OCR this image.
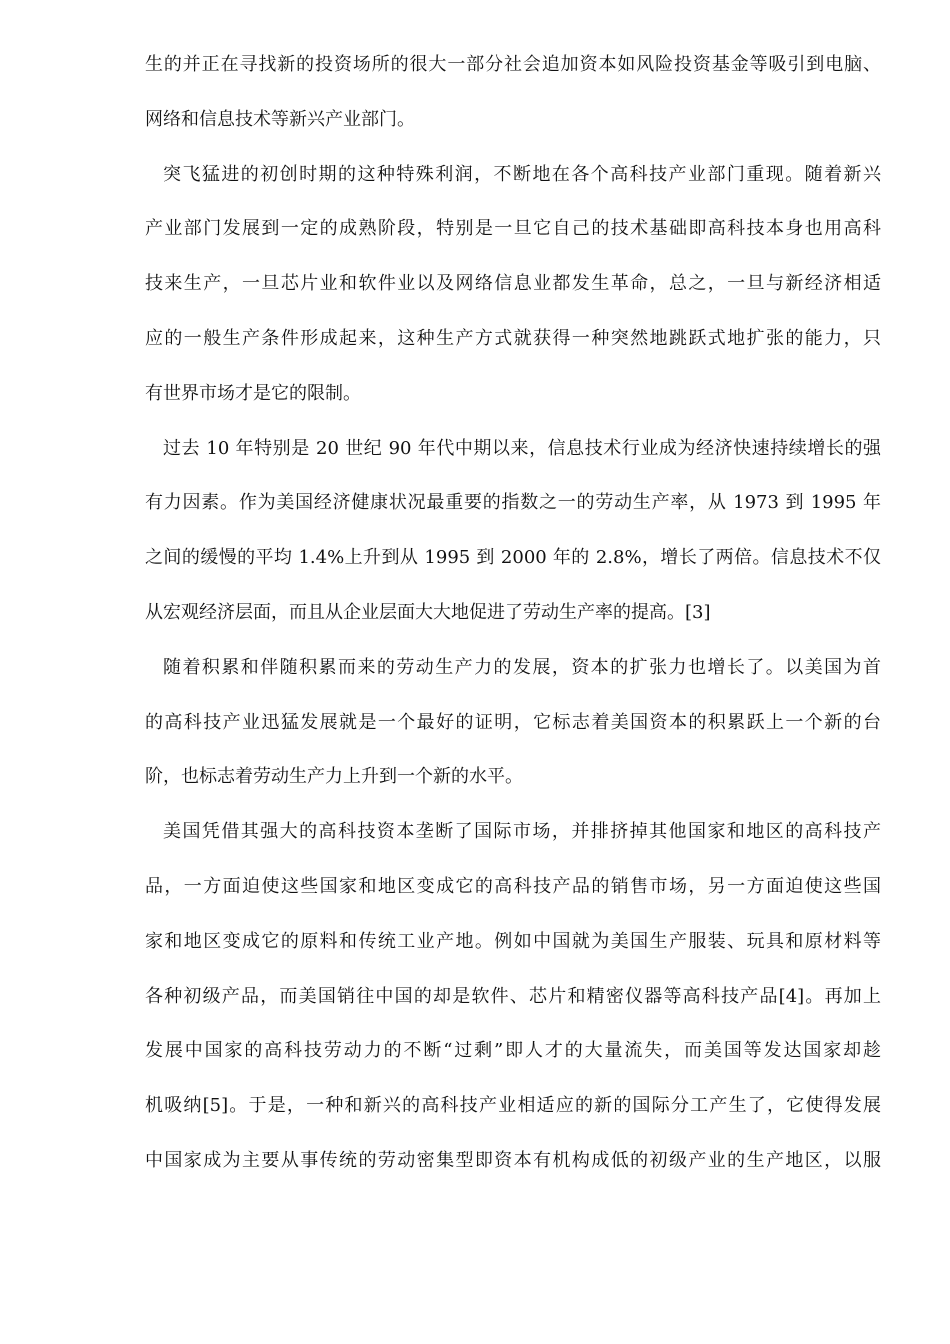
生的并正在寻找新的投资场所的很大一部分社会追加资本如风险投资基金等吸引到电脑、
网络和信息技术等新兴产业部门。
突飞猛进的初创时期的这种特殊利润，不断地在各个高科技产业部门重现。随着新兴
产业部门发展到一定的成熟阶段，特别是一旦它自己的技术基础即高科技本身也用高科
技来生产，一旦芯片业和软件业以及网络信息业都发生革命，总之，一旦与新经济相适
应的一般生产条件形成起来，这种生产方式就获得一种突然地跳跃式地扩张的能力，只
有世界市场才是它的限制。
过去 10 年特别是 20 世纪 90 年代中期以来，信息技术行业成为经济快速持续增长的强
有力因素。作为美国经济健康状况最重要的指数之一的劳动生产率，从 1973 到 1995 年
之间的缓慢的平均 1.4%上升到从 1995 到 2000 年的 2.8%，增长了两倍。信息技术不仅
从宏观经济层面，而且从企业层面大大地促进了劳动生产率的提高。[3]
随着积累和伴随积累而来的劳动生产力的发展，资本的扩张力也增长了。以美国为首
的高科技产业迅猛发展就是一个最好的证明，它标志着美国资本的积累跃上一个新的台
阶，也标志着劳动生产力上升到一个新的水平。
美国凭借其强大的高科技资本垄断了国际市场，并排挤掉其他国家和地区的高科技产
品，一方面迫使这些国家和地区变成它的高科技产品的销售市场，另一方面迫使这些国
家和地区变成它的原料和传统工业产地。例如中国就为美国生产服装、玩具和原材料等
各种初级产品，而美国销往中国的却是软件、芯片和精密仪器等高科技产品[4]。再加上
发展中国家的高科技劳动力的不断“过剩”即人才的大量流失，而美国等发达国家却趁
机吸纳[5]。于是，一种和新兴的高科技产业相适应的新的国际分工产生了，它使得发展
中国家成为主要从事传统的劳动密集型即资本有机构成低的初级产业的生产地区，以服
